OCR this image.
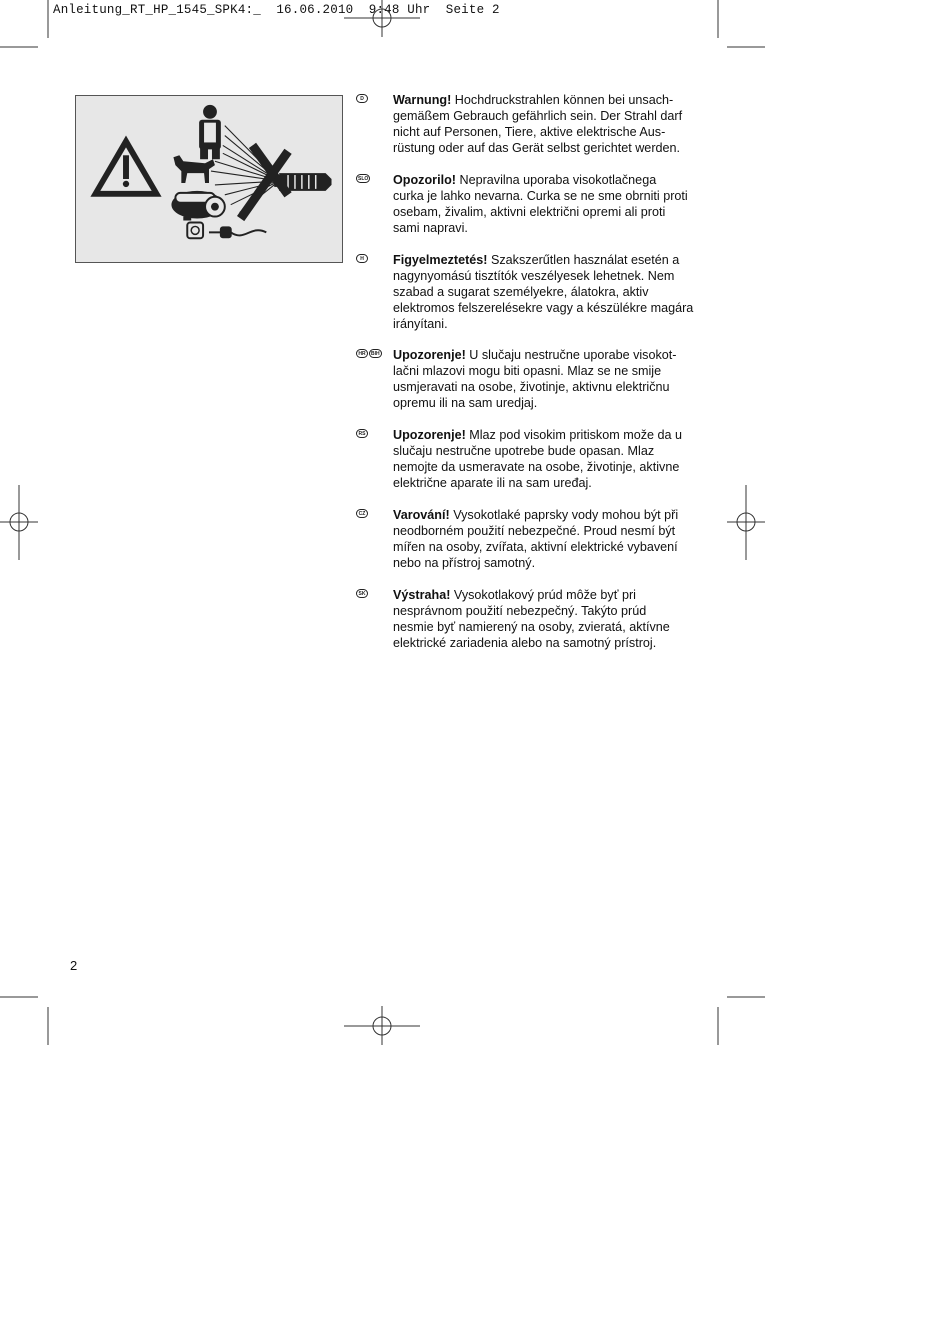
Anleitung_RT_HP_1545_SPK4:_  16.06.2010  9:48 Uhr  Seite 2
D	Warnung! Hochdruckstrahlen können bei unsach-
gemäßem Gebrauch gefährlich sein. Der Strahl darf
nicht auf Personen, Tiere, aktive elektrische Aus-
rüstung oder auf das Gerät selbst gerichtet werden.
SLO Opozorilo! Nepravilna uporaba visokotlačnega
curka je lahko nevarna. Curka se ne sme obrniti proti
osebam, živalim, aktivni električni opremi ali proti
sami napravi.
H	Figyelmeztetés! Szakszerűtlen használat esetén a
nagynyomású tisztítók veszélyesek lehetnek. Nem
szabad a sugarat személyekre, álatokra, aktiv
elektromos felszerelésekre vagy a készülékre magára
irányítani.
HR	BIH Upozorenje! U slučaju nestručne uporabe visokot-
lačni mlazovi mogu biti opasni. Mlaz se ne smije
usmjeravati na osobe, životinje, aktivnu električnu
opremu ili na sam uredjaj.
RS Upozorenje! Mlaz pod visokim pritiskom može da u
slučaju nestručne upotrebe bude opasan. Mlaz
nemojte da usmeravate na osobe, životinje, aktivne
električne aparate ili na sam uređaj.
CZ Varování! Vysokotlaké paprsky vody mohou být při
neodborném použití nebezpečné. Proud nesmí být
mířen na osoby, zvířata, aktivní elektrické vybavení
nebo na přístroj samotný.
SK Výstraha! Vysokotlakový prúd môže byť pri
nesprávnom použití nebezpečný. Takýto prúd
nesmie byť namierený na osoby, zvieratá, aktívne
elektrické zariadenia alebo na samotný prístroj.
2
